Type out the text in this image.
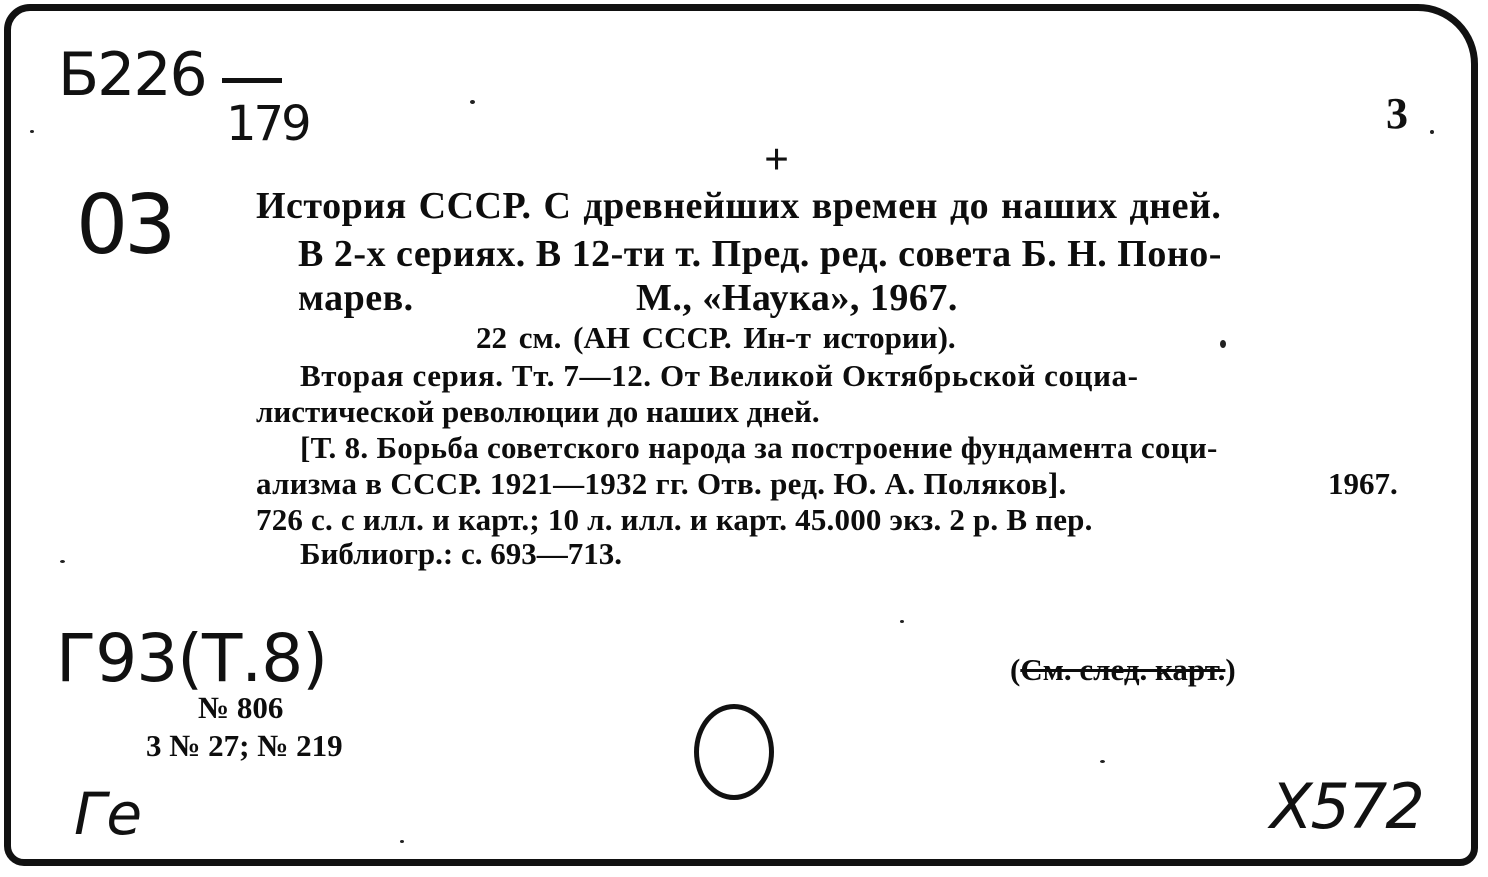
Б226
179
03
3
+
История СССР. С древнейших времен до наших дней.
В 2-х сериях. В 12-ти т. Пред. ред. совета Б. Н. Поно-
марев.	М., «Наука», 1967.
22 см. (АН СССР. Ин-т истории).
Вторая серия. Тт. 7—12. От Великой Октябрьской социа-
листической революции до наших дней.
[Т. 8. Борьба советского народа за построение фундамента соци-
ализма в СССР. 1921—1932 гг. Отв. ред. Ю. А. Поляков].	1967.
726 с. с илл. и карт.; 10 л. илл. и карт. 45.000 экз. 2 р. В пер.
Библиогр.: с. 693—713.
Г93(Т.8)	(См. след. карт.)
№ 806
3 № 27; № 219
Ге	Х572
